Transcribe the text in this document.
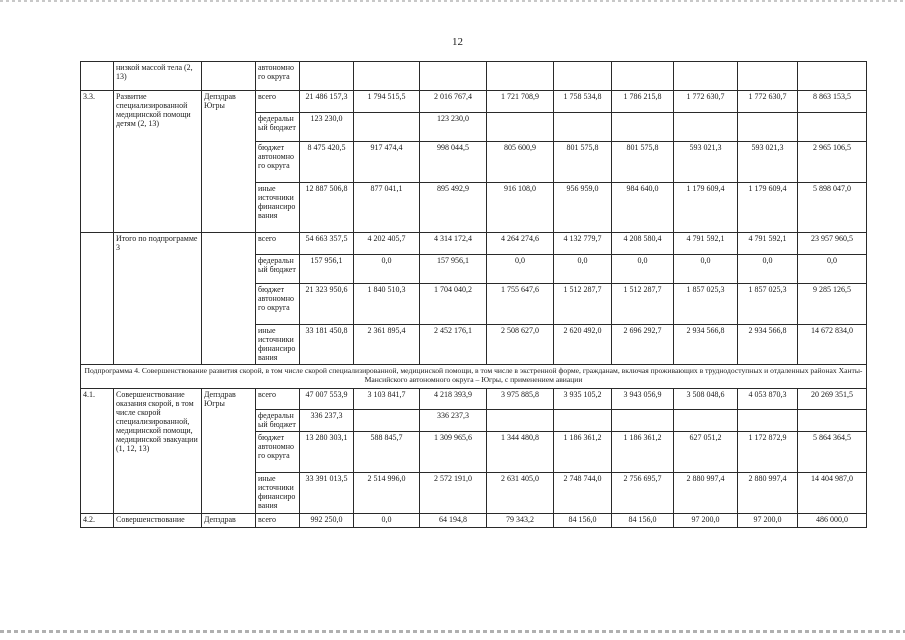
12
	низкой массой тела (2, 13)		автономного округа									
3.3.	Развитие специализированной медицинской помощи детям (2, 13)	Депздрав Югры	всего	21 486 157,3	1 794 515,5	2 016 767,4	1 721 708,9	1 758 534,8	1 786 215,8	1 772 630,7	1 772 630,7	8 863 153,5
			федеральный бюджет	123 230,0		123 230,0						
			бюджет автономного округа	8 475 420,5	917 474,4	998 044,5	805 600,9	801 575,8	801 575,8	593 021,3	593 021,3	2 965 106,5
			иные источники финансирования	12 887 506,8	877 041,1	895 492,9	916 108,0	956 959,0	984 640,0	1 179 609,4	1 179 609,4	5 898 047,0
	Итого по подпрограмме 3		всего	54 663 357,5	4 202 405,7	4 314 172,4	4 264 274,6	4 132 779,7	4 208 580,4	4 791 592,1	4 791 592,1	23 957 960,5
			федеральный бюджет	157 956,1	0,0	157 956,1	0,0	0,0	0,0	0,0	0,0	0,0
			бюджет автономного округа	21 323 950,6	1 840 510,3	1 704 040,2	1 755 647,6	1 512 287,7	1 512 287,7	1 857 025,3	1 857 025,3	9 285 126,5
			иные источники финансирования	33 181 450,8	2 361 895,4	2 452 176,1	2 508 627,0	2 620 492,0	2 696 292,7	2 934 566,8	2 934 566,8	14 672 834,0
Подпрограмма 4. Совершенствование развития скорой, в том числе скорой специализированной, медицинской помощи, в том числе в экстренной форме, гражданам, включая проживающих в труднодоступных и отдаленных районах Ханты-Мансийского автономного округа – Югры, с применением авиации												
4.1.	Совершенствование оказания скорой, в том числе скорой специализированной, медицинской помощи, медицинской эвакуации (1, 12, 13)	Депздрав Югры	всего	47 007 553,9	3 103 841,7	4 218 393,9	3 975 885,8	3 935 105,2	3 943 056,9	3 508 048,6	4 053 870,3	20 269 351,5
			федеральный бюджет	336 237,3		336 237,3						
			бюджет автономного округа	13 280 303,1	588 845,7	1 309 965,6	1 344 480,8	1 186 361,2	1 186 361,2	627 051,2	1 172 872,9	5 864 364,5
			иные источники финансирования	33 391 013,5	2 514 996,0	2 572 191,0	2 631 405,0	2 748 744,0	2 756 695,7	2 880 997,4	2 880 997,4	14 404 987,0
4.2.	Совершенствование	Депздрав	всего	992 250,0	0,0	64 194,8	79 343,2	84 156,0	84 156,0	97 200,0	97 200,0	486 000,0
